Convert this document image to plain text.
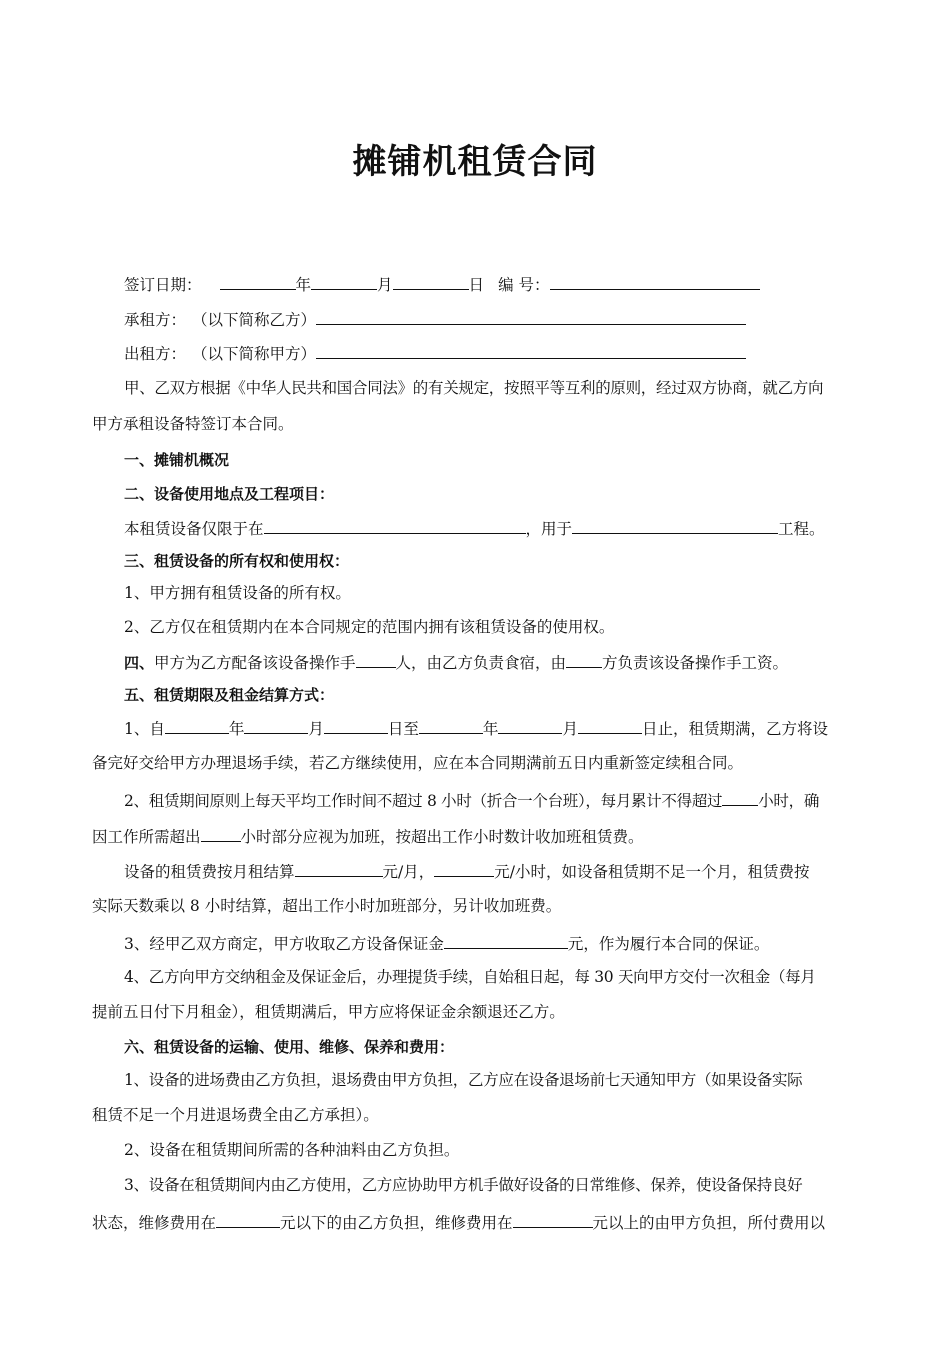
摊铺机租赁合同
签订日期：	年	月	日 编 号：
承租方： （以下简称乙方）
出租方： （以下简称甲方）
甲、乙双方根据《中华人民共和国合同法》的有关规定，按照平等互利的原则，经过双方协商，就乙方向
甲方承租设备特签订本合同。
一、摊铺机概况
二、设备使用地点及工程项目：
本租赁设备仅限于在	，用于	工程。
三、租赁设备的所有权和使用权：
1、甲方拥有租赁设备的所有权。
2、乙方仅在租赁期内在本合同规定的范围内拥有该租赁设备的使用权。
四、甲方为乙方配备该设备操作手	人，由乙方负责食宿，由 方负责该设备操作手工资。
五、租赁期限及租金结算方式：
1、自	年	月	日至	年	月	日止，租赁期满，乙方将设
备完好交给甲方办理退场手续，若乙方继续使用，应在本合同期满前五日内重新签定续租合同。
2、租赁期间原则上每天平均工作时间不超过 8 小时（折合一个台班），每月累计不得超过 小时，确
因工作所需超出	小时部分应视为加班，按超出工作小时数计收加班租赁费。
设备的租赁费按月租结算	元/月，	元/小时，如设备租赁期不足一个月，租赁费按
实际天数乘以 8 小时结算，超出工作小时加班部分，另计收加班费。
3、经甲乙双方商定，甲方收取乙方设备保证金	元，作为履行本合同的保证。
4、乙方向甲方交纳租金及保证金后，办理提货手续，自始租日起，每 30 天向甲方交付一次租金（每月
提前五日付下月租金），租赁期满后，甲方应将保证金余额退还乙方。
六、租赁设备的运输、使用、维修、保养和费用：
1、设备的进场费由乙方负担，退场费由甲方负担，乙方应在设备退场前七天通知甲方（如果设备实际
租赁不足一个月进退场费全由乙方承担）。
2、设备在租赁期间所需的各种油料由乙方负担。
3、设备在租赁期间内由乙方使用，乙方应协助甲方机手做好设备的日常维修、保养，使设备保持良好
状态，维修费用在	元以下的由乙方负担，维修费用在	元以上的由甲方负担，所付费用以
